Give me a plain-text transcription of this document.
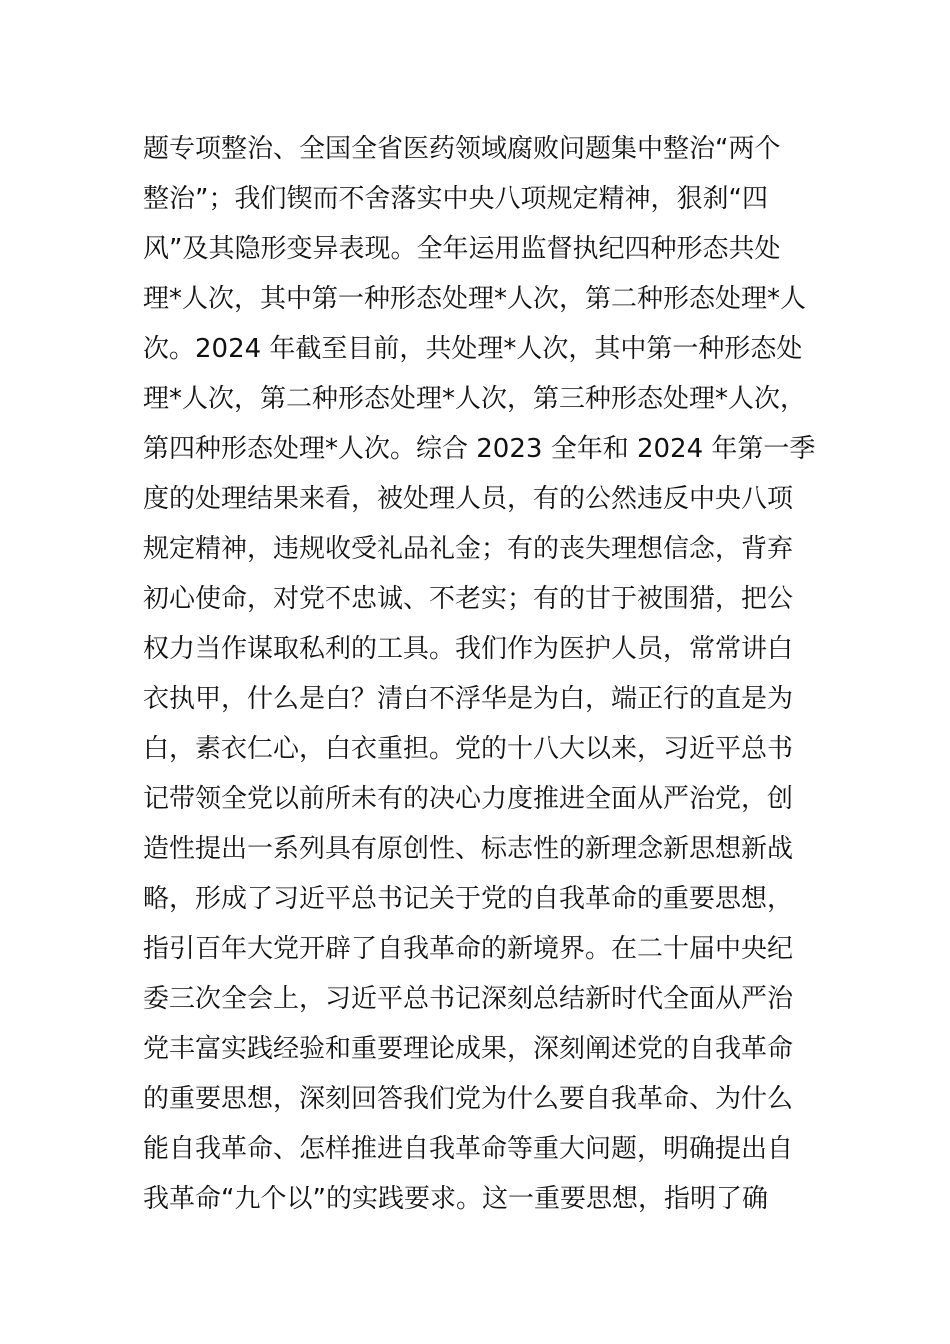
题专项整治、全国全省医药领域腐败问题集中整治“两个
整治”；我们锲而不舍落实中央八项规定精神，狠刹“四
风”及其隐形变异表现。全年运用监督执纪四种形态共处
理*人次，其中第一种形态处理*人次，第二种形态处理*人
次。2024 年截至目前，共处理*人次，其中第一种形态处
理*人次，第二种形态处理*人次，第三种形态处理*人次，
第四种形态处理*人次。综合 2023 全年和 2024 年第一季
度的处理结果来看，被处理人员，有的公然违反中央八项
规定精神，违规收受礼品礼金；有的丧失理想信念，背弃
初心使命，对党不忠诚、不老实；有的甘于被围猎，把公
权力当作谋取私利的工具。我们作为医护人员，常常讲白
衣执甲，什么是白？清白不浮华是为白，端正行的直是为
白，素衣仁心，白衣重担。党的十八大以来，习近平总书
记带领全党以前所未有的决心力度推进全面从严治党，创
造性提出一系列具有原创性、标志性的新理念新思想新战
略，形成了习近平总书记关于党的自我革命的重要思想，
指引百年大党开辟了自我革命的新境界。在二十届中央纪
委三次全会上，习近平总书记深刻总结新时代全面从严治
党丰富实践经验和重要理论成果，深刻阐述党的自我革命
的重要思想，深刻回答我们党为什么要自我革命、为什么
能自我革命、怎样推进自我革命等重大问题，明确提出自
我革命“九个以”的实践要求。这一重要思想，指明了确
